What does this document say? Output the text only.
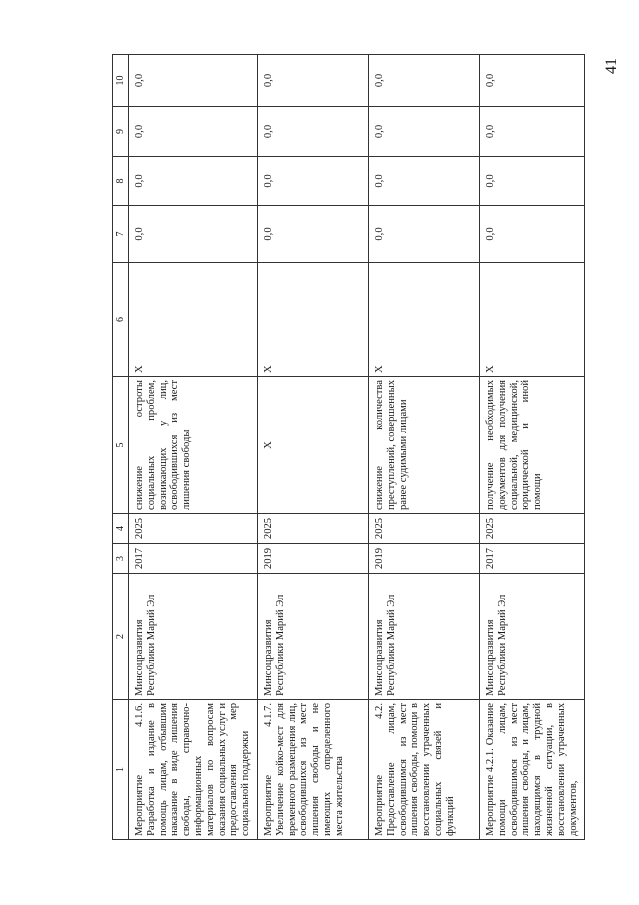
41
1	2	3	4	5	6	7	8	9	10
Мероприятие 4.1.6. Разработка и издание в помощь лицам, отбывшим наказание в виде лишения свободы, справочно-информационных материалов по вопросам оказания социальных услуг и предоставления мер социальной поддержки	Минсоцразвития Республики Марий Эл	2017	2025	снижение остроты социальных проблем, возникающих у лиц, освободившихся из мест лишения свободы	Х	0,0	0,0	0,0	0,0
Мероприятие 4.1.7. Увеличение койко-мест для временного размещения лиц, освободившихся из мест лишения свободы и не имеющих определенного места жительства	Минсоцразвития Республики Марий Эл	2019	2025	Х	Х	0,0	0,0	0,0	0,0
Мероприятие 4.2. Предоставление лицам, освободившимся из мест лишения свободы, помощи в восстановлении утраченных социальных связей и функций	Минсоцразвития Республики Марий Эл	2019	2025	снижение количества преступлений, совершенных ранее судимыми лицами	Х	0,0	0,0	0,0	0,0
Мероприятие 4.2.1. Оказание помощи лицам, освободившимся из мест лишения свободы, и лицам, находящимся в трудной жизненной ситуации, в восстановлении утраченных документов,	Минсоцразвития Республики Марий Эл	2017	2025	получение необходимых документов для получения социальной, медицинской, юридической и иной помощи	Х	0,0	0,0	0,0	0,0
